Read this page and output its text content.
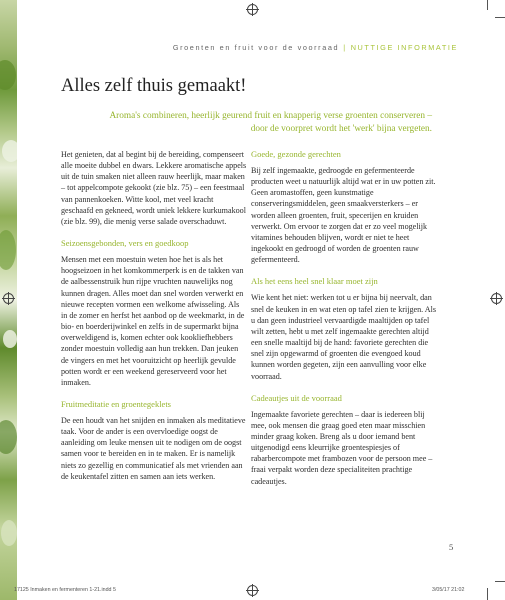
Groenten en fruit voor de voorraad | NUTTIGE INFORMATIE
Alles zelf thuis gemaakt!

Aroma's combineren, heerlijk geurend fruit en knapperig verse groenten conserveren – door de voorpret wordt het 'werk' bijna vergeten.

Het genieten, dat al begint bij de bereiding, compenseert alle moeite dubbel en dwars. Lekkere aromatische appels uit de tuin smaken niet alleen rauw heerlijk, maar maken – tot appelcompote gekookt (zie blz. 75) – een feestmaal van pannenkoeken. Witte kool, met veel kracht geschaafd en gekneed, wordt uniek lekkere kurkumakool (zie blz. 99), die menig verse salade overschaduwt.

Seizoensgebonden, vers en goedkoop

Mensen met een moestuin weten hoe het is als het hoogseizoen in het komkommerperk is en de takken van de aalbessenstruik hun rijpe vruchten nauwelijks nog kunnen dragen. Alles moet dan snel worden verwerkt en nieuwe recepten vormen een welkome afwisseling. Als in de zomer en herfst het aanbod op de weekmarkt, in de bio- en boerderijwinkel en zelfs in de supermarkt bijna overweldigend is, komen echter ook kookliefhebbers zonder moestuin volledig aan hun trekken. Dan jeuken de vingers en met het vooruitzicht op heerlijk gevulde potten wordt er een weekend gereserveerd voor het inmaken.

Fruitmeditatie en groentegeklets

De een houdt van het snijden en inmaken als meditatieve taak. Voor de ander is een overvloedige oogst de aanleiding om leuke mensen uit te nodigen om de oogst samen voor te bereiden en in te maken. Er is namelijk niets zo gezellig en communicatief als met vrienden aan de keukentafel zitten en samen aan iets werken.

Goede, gezonde gerechten

Bij zelf ingemaakte, gedroogde en gefermenteerde producten weet u natuurlijk altijd wat er in uw potten zit. Geen aromastoffen, geen kunstmatige conserveringsmiddelen, geen smaakversterkers – er worden alleen groenten, fruit, specerijen en kruiden verwerkt. Om ervoor te zorgen dat er zo veel mogelijk vitamines behouden blijven, wordt er niet te heet ingekookt en gedroogd of worden de groenten rauw gefermenteerd.

Als het eens heel snel klaar moet zijn

Wie kent het niet: werken tot u er bijna bij neervalt, dan snel de keuken in en wat eten op tafel zien te krijgen. Als u dan geen industrieel vervaardigde maaltijden op tafel wilt zetten, hebt u met zelf ingemaakte gerechten altijd een snelle maaltijd bij de hand: favoriete gerechten die snel zijn opgewarmd of groenten die evengoed koud kunnen worden gegeten, zijn een aanvulling voor elke voorraad.

Cadeautjes uit de voorraad

Ingemaakte favoriete gerechten – daar is iedereen blij mee, ook mensen die graag goed eten maar misschien minder graag koken. Breng als u door iemand bent uitgenodigd eens kleurrijke groentespiesjes of rabarbercompote met frambozen voor de persoon mee – fraai verpakt worden deze specialiteiten prachtige cadeautjes.

5
17125 Inmaken en fermenteren 1-21.indd 5	3/05/17 21:02
